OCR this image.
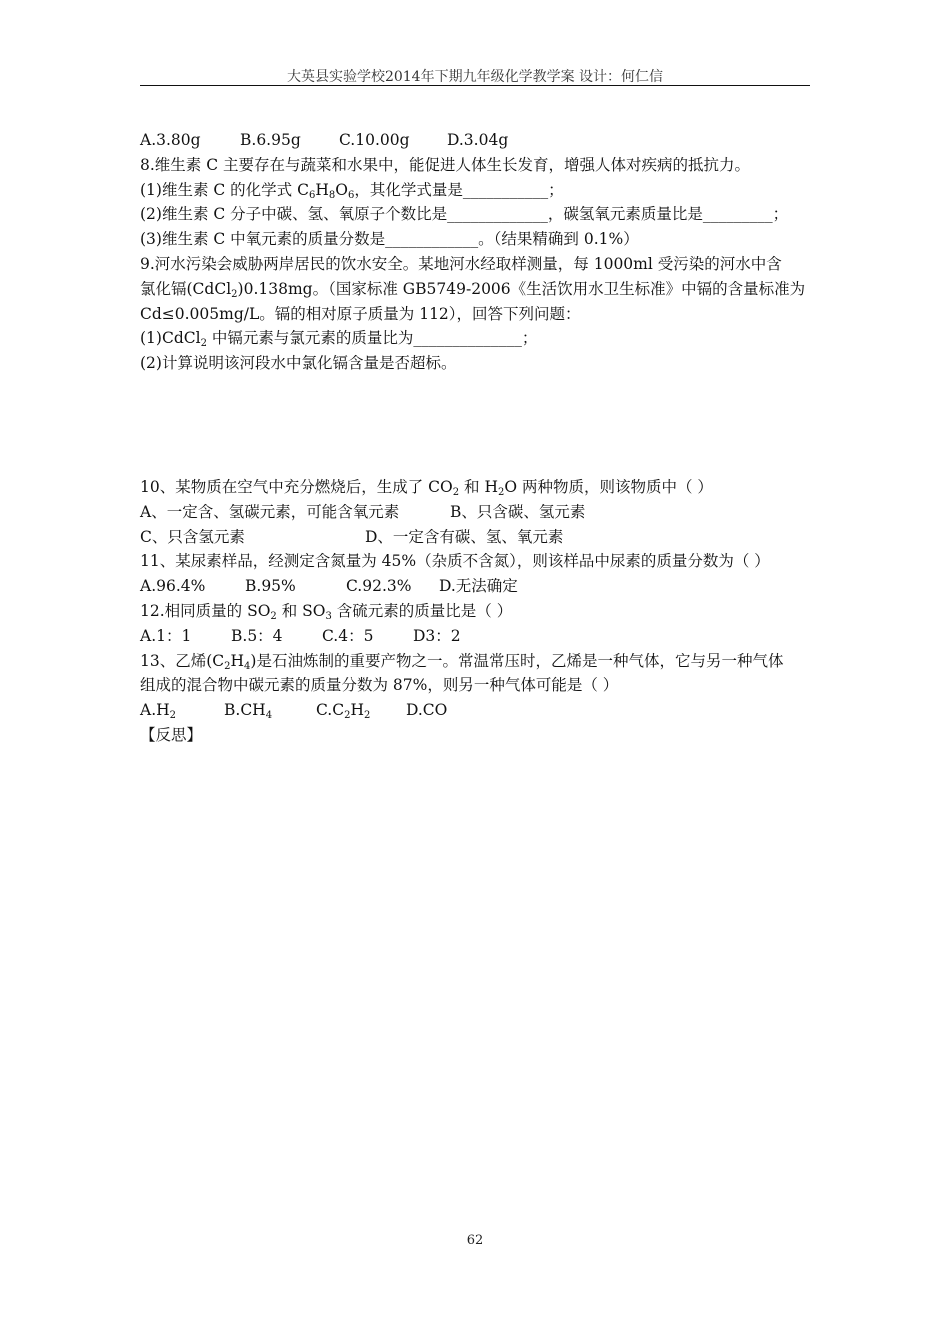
大英县实验学校2014年下期九年级化学教学案 设计：何仁信
A.3.80g	B.6.95g C.10.00g D.3.04g
8.维生素 C 主要存在与蔬菜和水果中，能促进人体生长发育，增强人体对疾病的抵抗力。
(1)维生素 C 的化学式 $C_6H_8O_6$，其化学式量是___________；
(2)维生素 C 分子中碳、氢、氧原子个数比是_____________，碳氢氧元素质量比是_________；
(3)维生素 C 中氧元素的质量分数是____________。（结果精确到 0.1%）
9.河水污染会威胁两岸居民的饮水安全。某地河水经取样测量，每 1000ml 受污染的河水中含
氯化镉(CdCl$_2$)0.138mg。（国家标准 GB5749-2006《生活饮用水卫生标准》中镉的含量标准为
Cd≤0.005mg/L。镉的相对原子质量为 112），回答下列问题：
(1)CdCl$_2$ 中镉元素与氯元素的质量比为______________；
(2)计算说明该河段水中氯化镉含量是否超标。
10、某物质在空气中充分燃烧后，生成了 $CO_2$ 和 $H_2O$ 两种物质，则该物质中（ ）
A、一定含、氢碳元素，可能含氧元素	B、只含碳、氢元素
C、只含氢元素	D、一定含有碳、氢、氧元素
11、某尿素样品，经测定含氮量为 45%（杂质不含氮），则该样品中尿素的质量分数为（ ）
A.96.4%	B.95%	C.92.3% D.无法确定
12.相同质量的 $SO_2$ 和 $SO_3$ 含硫元素的质量比是（ ）
A.1：1	B.5：4	C.4：5	D3：2
13、乙烯$(C_2H_4)$是石油炼制的重要产物之一。常温常压时，乙烯是一种气体，它与另一种气体
组成的混合物中碳元素的质量分数为 87%，则另一种气体可能是（ ）
$A.H_2$	$B.CH_4$	$C.C_2H_2$ D.CO
【反思】
62
